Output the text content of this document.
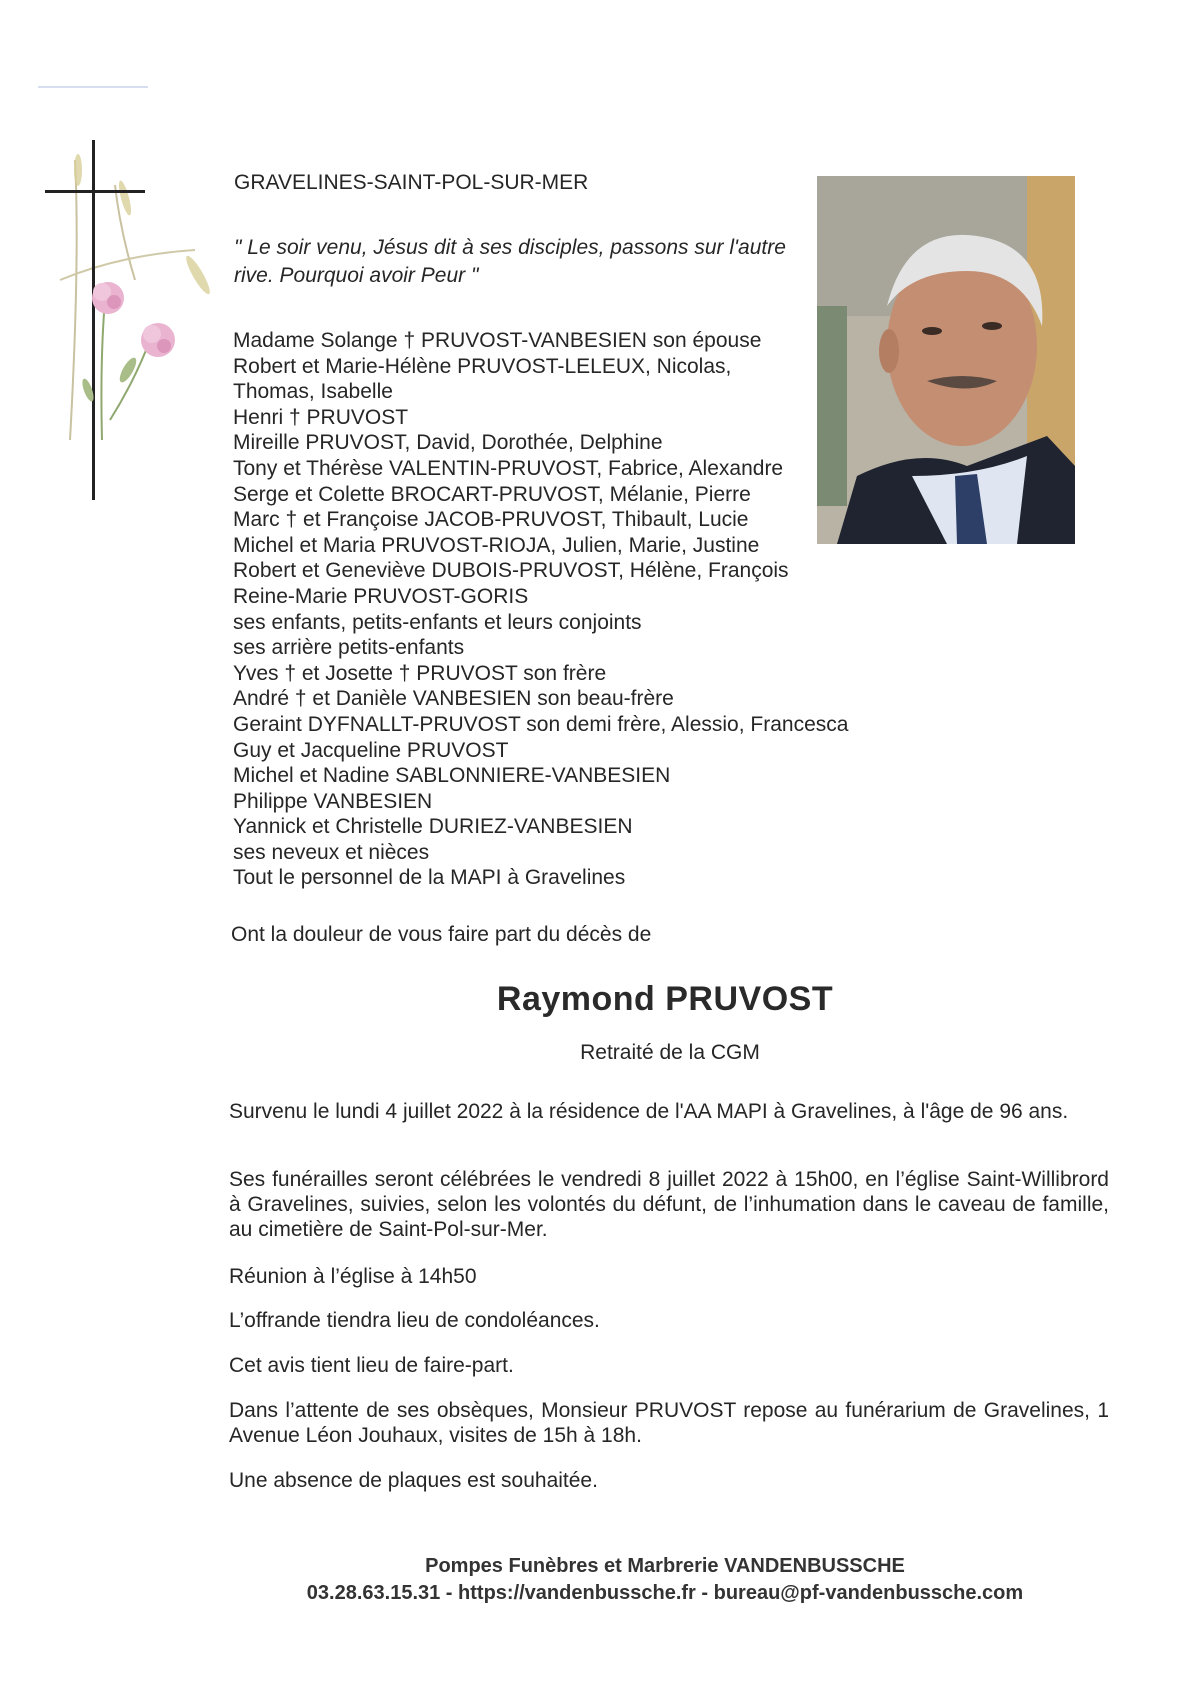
GRAVELINES-SAINT-POL-SUR-MER
" Le soir venu, Jésus dit à ses disciples, passons sur l'autre
rive. Pourquoi avoir Peur "
Madame Solange † PRUVOST-VANBESIEN son épouse
Robert et Marie-Hélène PRUVOST-LELEUX, Nicolas,
Thomas, Isabelle
Henri † PRUVOST
Mireille PRUVOST, David, Dorothée, Delphine
Tony et Thérèse VALENTIN-PRUVOST, Fabrice, Alexandre
Serge et Colette BROCART-PRUVOST, Mélanie, Pierre
Marc † et Françoise JACOB-PRUVOST, Thibault, Lucie
Michel et Maria PRUVOST-RIOJA, Julien, Marie, Justine
Robert et Geneviève DUBOIS-PRUVOST, Hélène, François
Reine-Marie PRUVOST-GORIS
ses enfants, petits-enfants et leurs conjoints
ses arrière petits-enfants
Yves † et Josette † PRUVOST son frère
André † et Danièle VANBESIEN son beau-frère
Geraint DYFNALLT-PRUVOST son demi frère, Alessio, Francesca
Guy et Jacqueline PRUVOST
Michel et Nadine SABLONNIERE-VANBESIEN
Philippe VANBESIEN
Yannick et Christelle DURIEZ-VANBESIEN
ses neveux et nièces
Tout le personnel de la MAPI à Gravelines
Ont la douleur de vous faire part du décès de
Raymond PRUVOST
Retraité de la CGM
Survenu le lundi 4 juillet 2022 à la résidence de l'AA MAPI à Gravelines, à l'âge de 96 ans.
Ses funérailles seront célébrées le vendredi 8 juillet 2022 à 15h00, en l’église Saint-Willibrord à Gravelines, suivies, selon les volontés du défunt, de l’inhumation dans le caveau de famille, au cimetière de Saint-Pol-sur-Mer.
Réunion à l’église à 14h50
L’offrande tiendra lieu de condoléances.
Cet avis tient lieu de faire-part.
Dans l’attente de ses obsèques, Monsieur PRUVOST repose au funérarium de Gravelines, 1 Avenue Léon Jouhaux, visites de 15h à 18h.
Une absence de plaques est souhaitée.
Pompes Funèbres et Marbrerie VANDENBUSSCHE
03.28.63.15.31 - https://vandenbussche.fr - bureau@pf-vandenbussche.com
